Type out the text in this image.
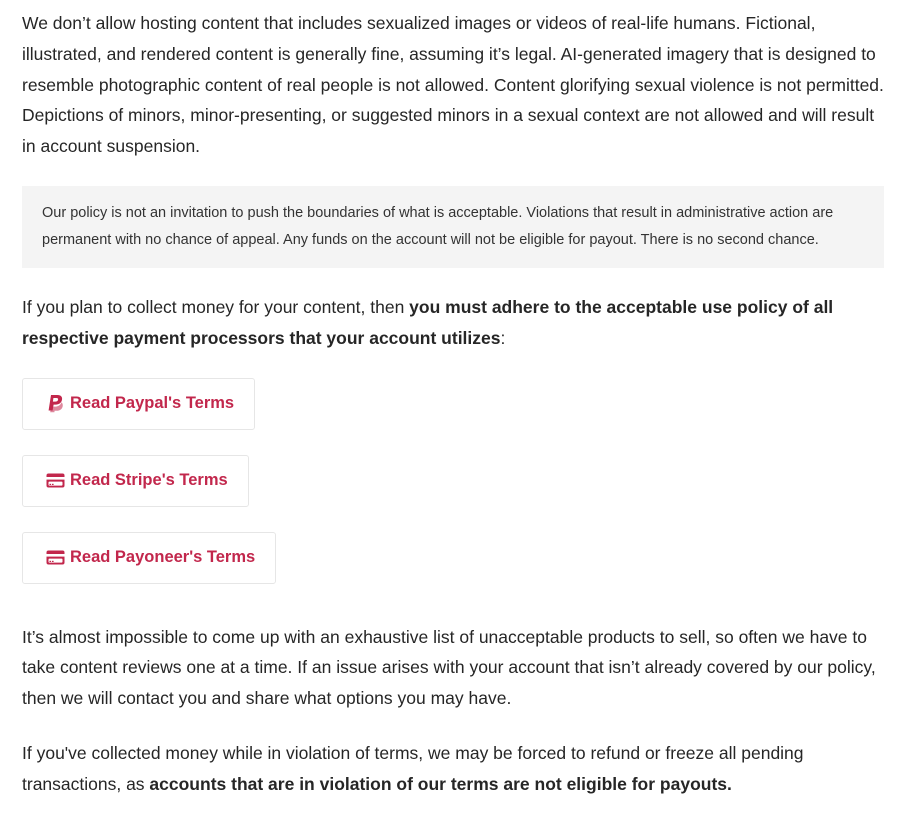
We don’t allow hosting content that includes sexualized images or videos of real-life humans. Fictional, illustrated, and rendered content is generally fine, assuming it’s legal. AI-generated imagery that is designed to resemble photographic content of real people is not allowed. Content glorifying sexual violence is not permitted. Depictions of minors, minor-presenting, or suggested minors in a sexual context are not allowed and will result in account suspension.

Our policy is not an invitation to push the boundaries of what is acceptable. Violations that result in administrative action are permanent with no chance of appeal. Any funds on the account will not be eligible for payout. There is no second chance.

If you plan to collect money for your content, then you must adhere to the acceptable use policy of all respective payment processors that your account utilizes:

Read Paypal's Terms
Read Stripe's Terms
Read Payoneer's Terms

It’s almost impossible to come up with an exhaustive list of unacceptable products to sell, so often we have to take content reviews one at a time. If an issue arises with your account that isn’t already covered by our policy, then we will contact you and share what options you may have.

If you've collected money while in violation of terms, we may be forced to refund or freeze all pending transactions, as accounts that are in violation of our terms are not eligible for payouts.
